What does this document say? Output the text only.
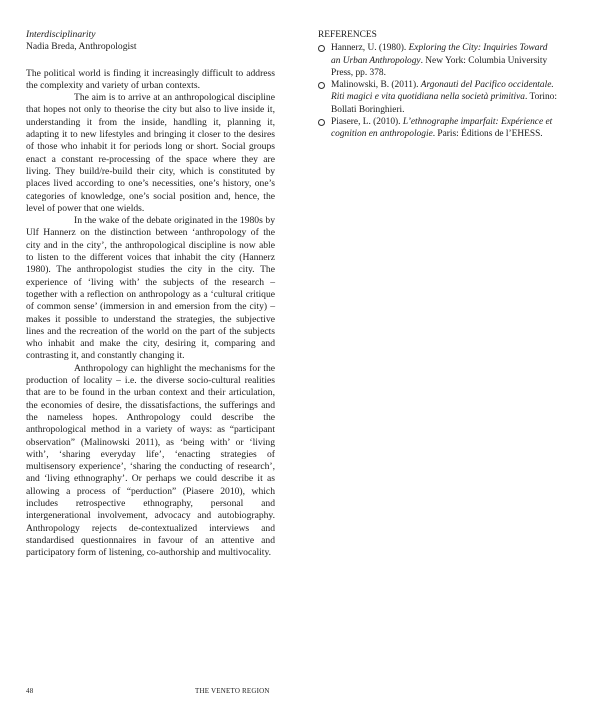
Interdisciplinarity
Nadia Breda, Anthropologist

The political world is finding it increasingly difficult to address the complexity and variety of urban contexts.

The aim is to arrive at an anthropological discipline that hopes not only to theorise the city but also to live inside it, understanding it from the inside, handling it, planning it, adapting it to new lifestyles and bringing it closer to the desires of those who inhabit it for periods long or short. Social groups enact a constant re-processing of the space where they are living. They build/re-build their city, which is constituted by places lived according to one’s necessities, one’s history, one’s categories of knowledge, one’s social position and, hence, the level of power that one wields.

In the wake of the debate originated in the 1980s by Ulf Hannerz on the distinction between ‘anthropology of the city and in the city’, the anthropological discipline is now able to listen to the different voices that inhabit the city (Hannerz 1980). The anthropologist studies the city in the city. The experience of ‘living with’ the subjects of the research – together with a reflection on anthropology as a ‘cultural critique of common sense’ (immersion in and emersion from the city) – makes it possible to understand the strategies, the subjective lines and the recreation of the world on the part of the subjects who inhabit and make the city, desiring it, comparing and contrasting it, and constantly changing it.

Anthropology can highlight the mechanisms for the production of locality – i.e. the diverse socio-cultural realities that are to be found in the urban context and their articulation, the economies of desire, the dissatisfactions, the sufferings and the nameless hopes. Anthropology could describe the anthropological method in a variety of ways: as “participant observation” (Malinowski 2011), as ‘being with’ or ‘living with’, ‘sharing everyday life’, ‘enacting strategies of multisensory experience’, ‘sharing the conducting of research’, and ‘living ethnography’. Or perhaps we could describe it as allowing a process of “perduction” (Piasere 2010), which includes retrospective ethnography, personal and intergenerational involvement, advocacy and autobiography. Anthropology rejects de-contextualized interviews and standardised questionnaires in favour of an attentive and participatory form of listening, co-authorship and multivocality.

REFERENCES
Hannerz, U. (1980). Exploring the City: Inquiries Toward an Urban Anthropology. New York: Columbia University Press, pp. 378.
Malinowski, B. (2011). Argonauti del Pacifico occidentale. Riti magici e vita quotidiana nella società primitiva. Torino: Bollati Boringhieri.
Piasere, L. (2010). L’ethnographe imparfait: Expérience et cognition en anthropologie. Paris: Éditions de l’EHESS.
48	THE VENETO REGION
